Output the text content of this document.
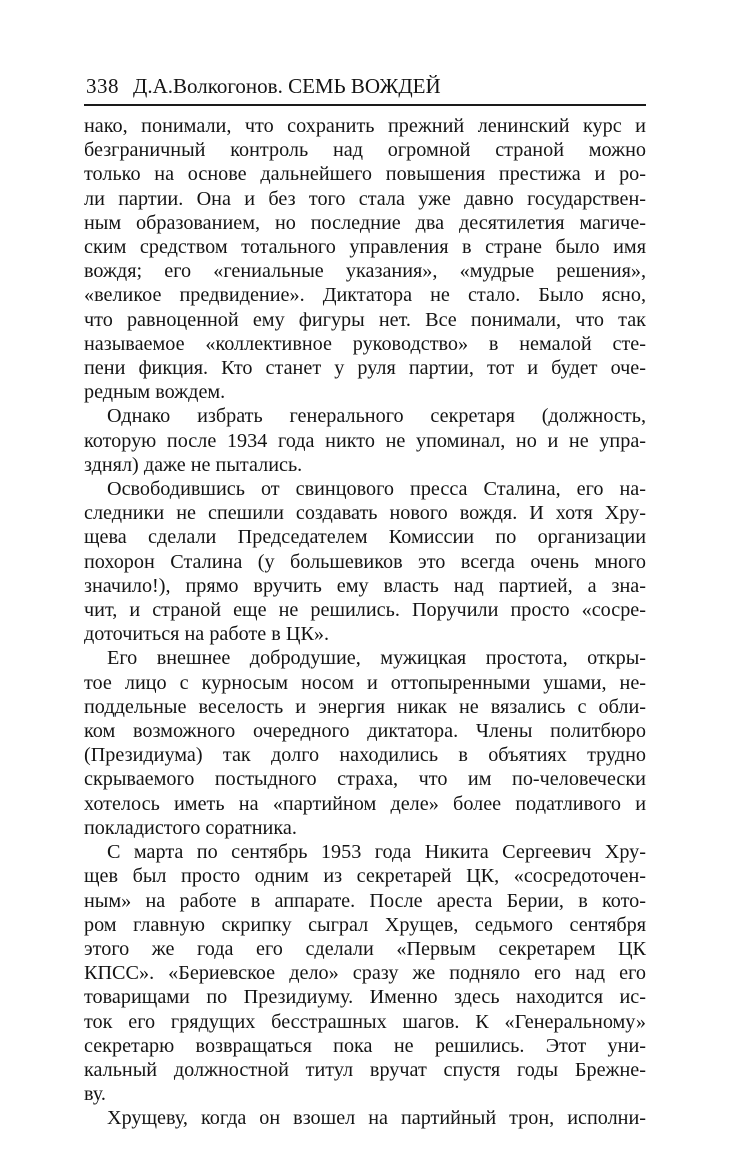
338 Д.А.Волкогонов. СЕМЬ ВОЖДЕЙ
нако, понимали, что сохранить прежний ленинский курс и
безграничный контроль над огромной страной можно
только на основе дальнейшего повышения престижа и ро-
ли партии. Она и без того стала уже давно государствен-
ным образованием, но последние два десятилетия магиче-
ским средством тотального управления в стране было имя
вождя; его «гениальные указания», «мудрые решения»,
«великое предвидение». Диктатора не стало. Было ясно,
что равноценной ему фигуры нет. Все понимали, что так
называемое «коллективное руководство» в немалой сте-
пени фикция. Кто станет у руля партии, тот и будет оче-
редным вождем.
Однако избрать генерального секретаря (должность,
которую после 1934 года никто не упоминал, но и не упра-
зднял) даже не пытались.
Освободившись от свинцового пресса Сталина, его на-
следники не спешили создавать нового вождя. И хотя Хру-
щева сделали Председателем Комиссии по организации
похорон Сталина (у большевиков это всегда очень много
значило!), прямо вручить ему власть над партией, а зна-
чит, и страной еще не решились. Поручили просто «сосре-
доточиться на работе в ЦК».
Его внешнее добродушие, мужицкая простота, откры-
тое лицо с курносым носом и оттопыренными ушами, не-
поддельные веселость и энергия никак не вязались с обли-
ком возможного очередного диктатора. Члены политбюро
(Президиума) так долго находились в объятиях трудно
скрываемого постыдного страха, что им по-человечески
хотелось иметь на «партийном деле» более податливого и
покладистого соратника.
С марта по сентябрь 1953 года Никита Сергеевич Хру-
щев был просто одним из секретарей ЦК, «сосредоточен-
ным» на работе в аппарате. После ареста Берии, в кото-
ром главную скрипку сыграл Хрущев, седьмого сентября
этого же года его сделали «Первым секретарем ЦК
КПСС». «Бериевское дело» сразу же подняло его над его
товарищами по Президиуму. Именно здесь находится ис-
ток его грядущих бесстрашных шагов. К «Генеральному»
секретарю возвращаться пока не решились. Этот уни-
кальный должностной титул вручат спустя годы Брежне-
ву.
Хрущеву, когда он взошел на партийный трон, исполни-
